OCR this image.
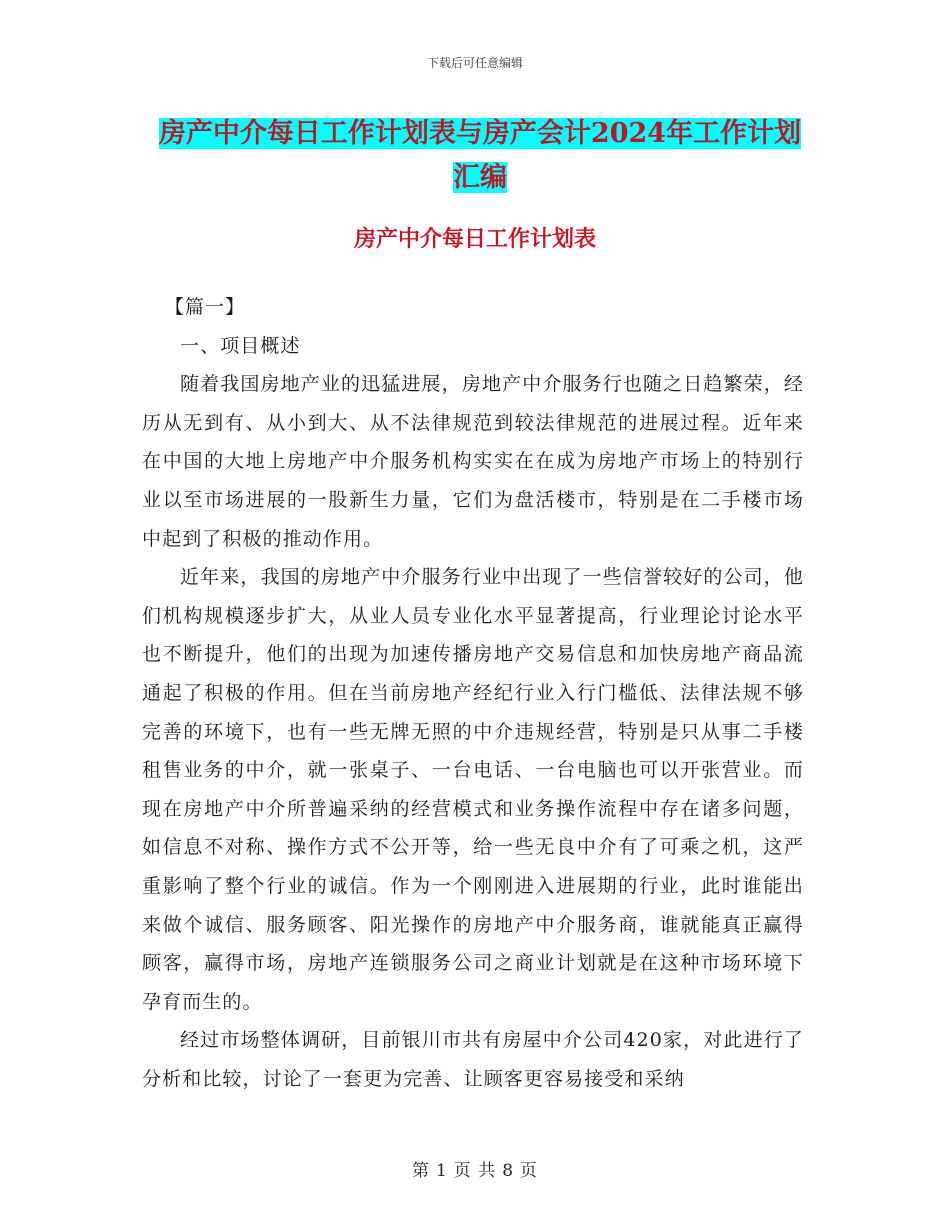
下载后可任意编辑
房产中介每日工作计划表与房产会计2024年工作计划
汇编
房产中介每日工作计划表

【篇一】

一、项目概述

随着我国房地产业的迅猛进展，房地产中介服务行也随之日趋繁荣，经历从无到有、从小到大、从不法律规范到较法律规范的进展过程。近年来在中国的大地上房地产中介服务机构实实在在成为房地产市场上的特别行业以至市场进展的一股新生力量，它们为盘活楼市，特别是在二手楼市场中起到了积极的推动作用。

近年来，我国的房地产中介服务行业中出现了一些信誉较好的公司，他们机构规模逐步扩大，从业人员专业化水平显著提高，行业理论讨论水平也不断提升，他们的出现为加速传播房地产交易信息和加快房地产商品流通起了积极的作用。但在当前房地产经纪行业入行门槛低、法律法规不够完善的环境下，也有一些无牌无照的中介违规经营，特别是只从事二手楼租售业务的中介，就一张桌子、一台电话、一台电脑也可以开张营业。而现在房地产中介所普遍采纳的经营模式和业务操作流程中存在诸多问题，如信息不对称、操作方式不公开等，给一些无良中介有了可乘之机，这严重影响了整个行业的诚信。作为一个刚刚进入进展期的行业，此时谁能出来做个诚信、服务顾客、阳光操作的房地产中介服务商，谁就能真正赢得顾客，赢得市场，房地产连锁服务公司之商业计划就是在这种市场环境下孕育而生的。

经过市场整体调研，目前银川市共有房屋中介公司420家，对此进行了分析和比较，讨论了一套更为完善、让顾客更容易接受和采纳

第 1 页 共 8 页
